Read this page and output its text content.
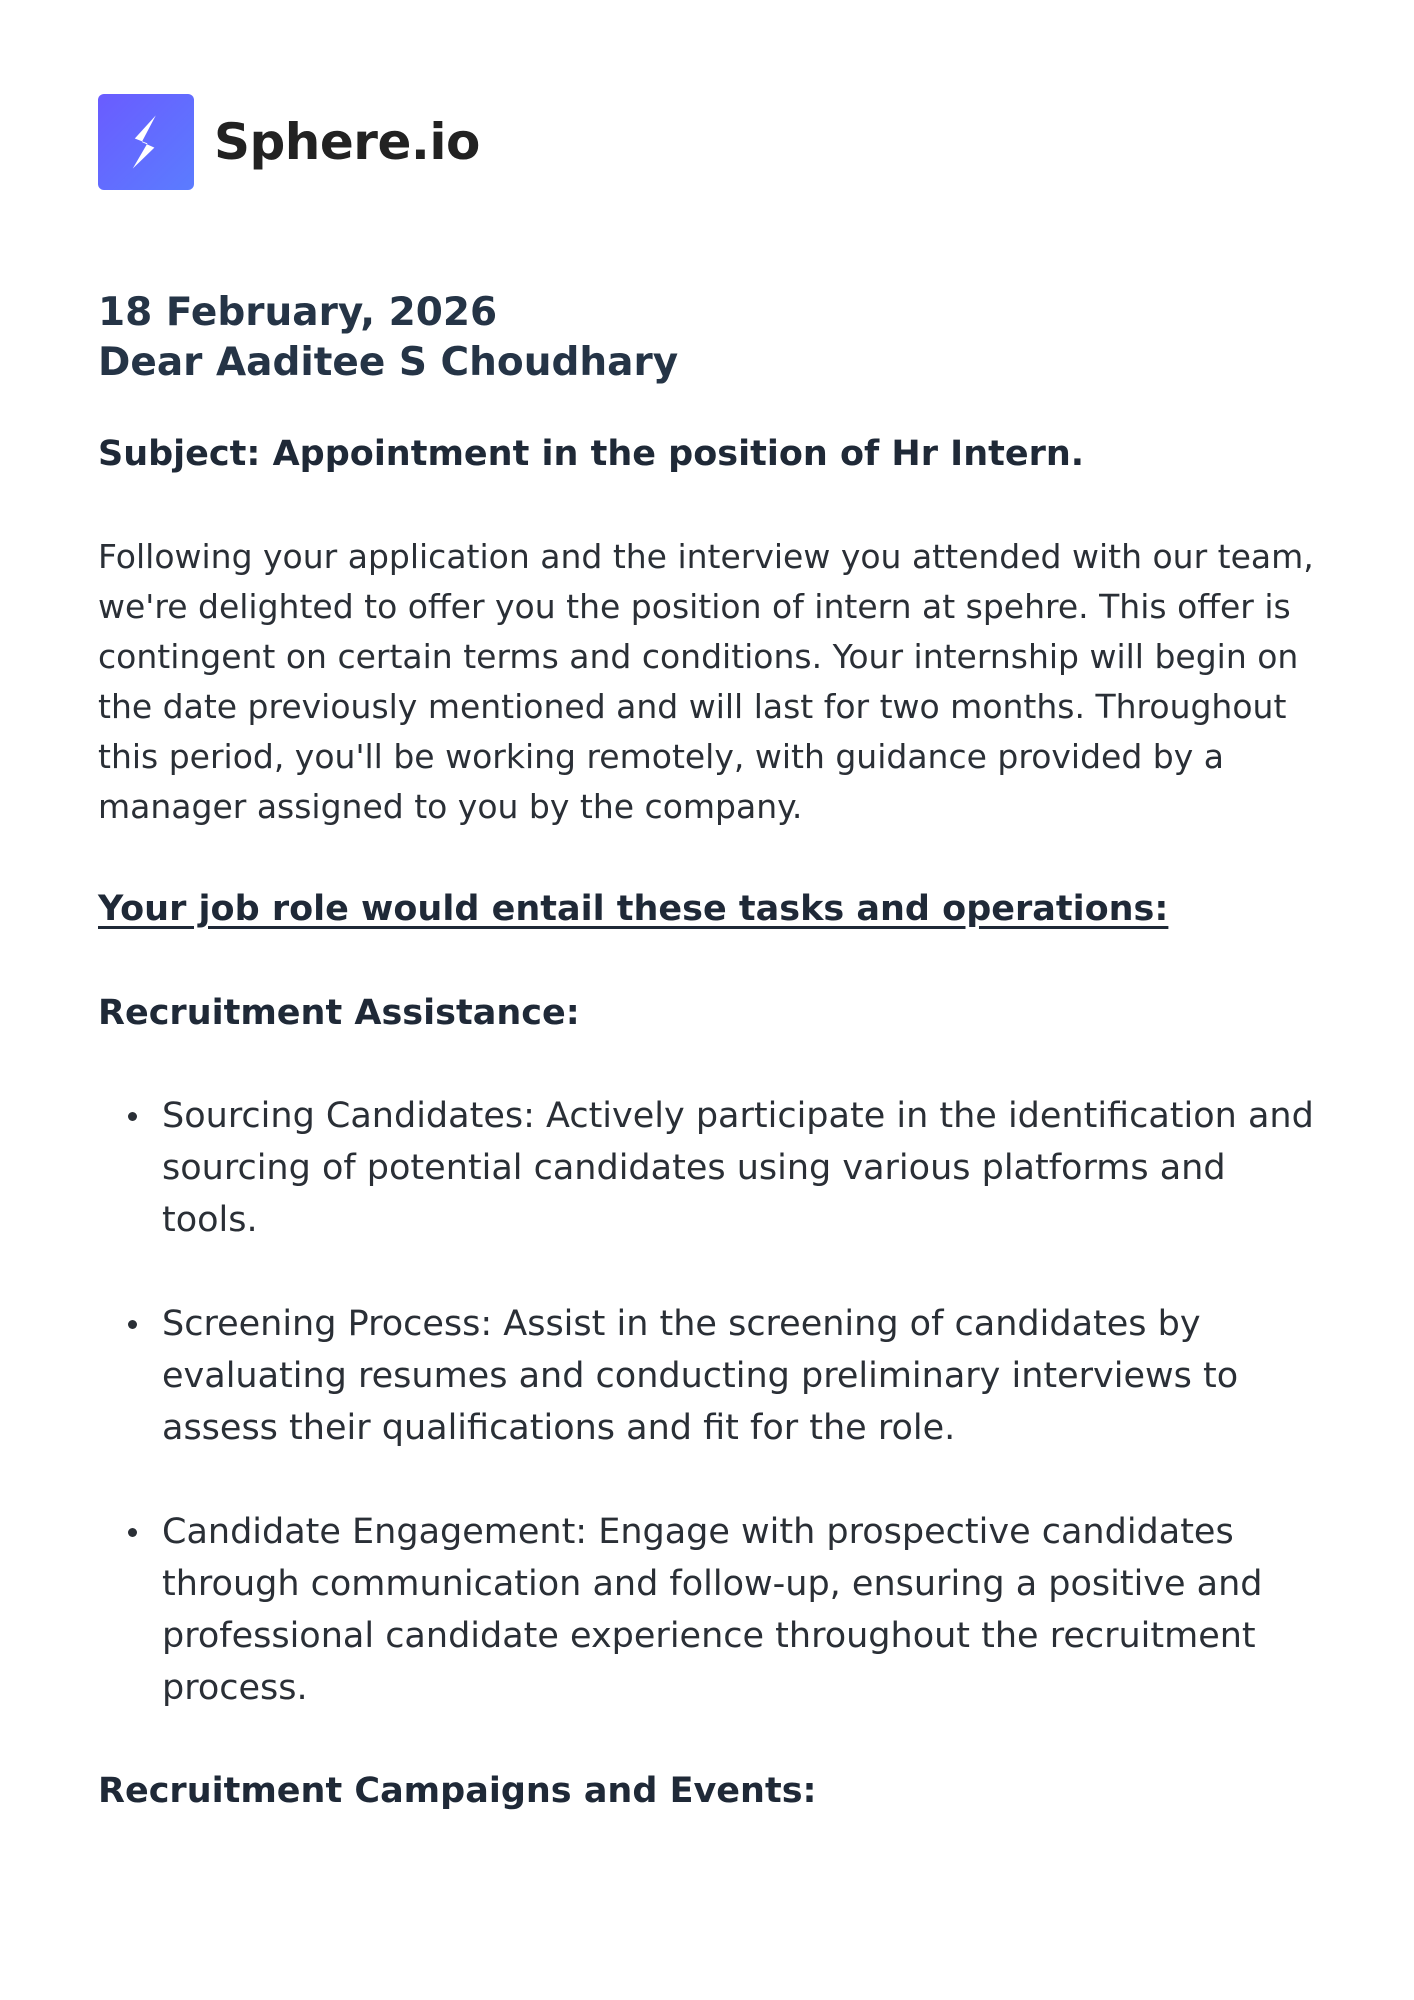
Sphere.io

18 February, 2026

Dear Aaditee S Choudhary

Subject: Appointment in the position of Hr Intern.

Following your application and the interview you attended with our team, we're delighted to offer you the position of intern at spehre. This offer is contingent on certain terms and conditions. Your internship will begin on the date previously mentioned and will last for two months. Throughout this period, you'll be working remotely, with guidance provided by a manager assigned to you by the company.

Your job role would entail these tasks and operations:

Recruitment Assistance:

Sourcing Candidates: Actively participate in the identification and sourcing of potential candidates using various platforms and tools.
Screening Process: Assist in the screening of candidates by evaluating resumes and conducting preliminary interviews to assess their qualifications and fit for the role.
Candidate Engagement: Engage with prospective candidates through communication and follow-up, ensuring a positive and professional candidate experience throughout the recruitment process.

Recruitment Campaigns and Events:
